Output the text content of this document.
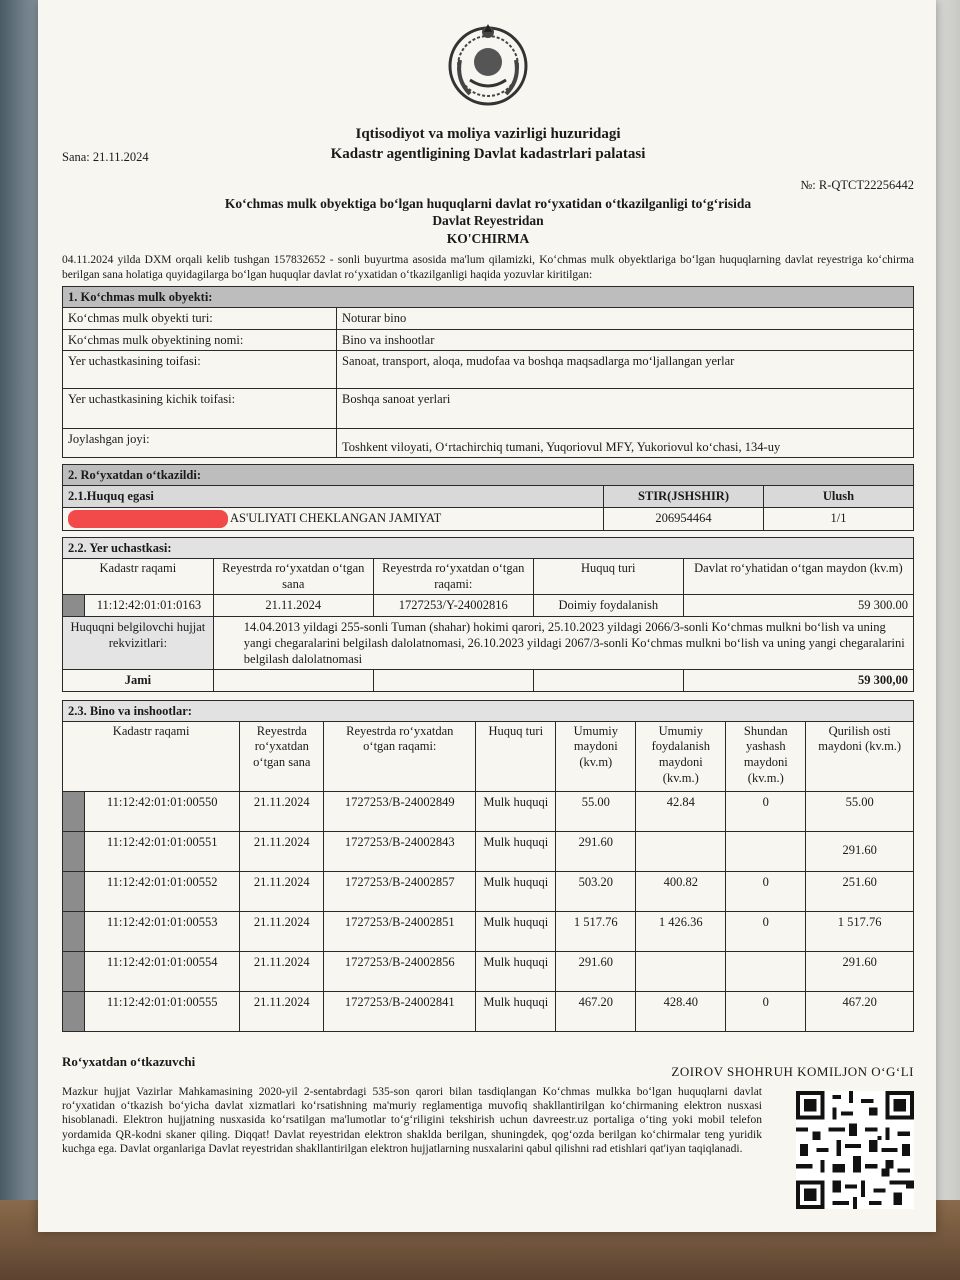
Iqtisodiyot va moliya vazirligi huzuridagi
Kadastr agentligining Davlat kadastrlari palatasi
Sana: 21.11.2024
№: R-QTCT22256442
Ko‘chmas mulk obyektiga bo‘lgan huquqlarni davlat ro‘yxatidan o‘tkazilganligi to‘g‘risida
Davlat Reyestridan
KO'CHIRMA
04.11.2024 yilda DXM orqali kelib tushgan 157832652 - sonli buyurtma asosida ma'lum qilamizki, Ko‘chmas mulk obyektlariga bo‘lgan huquqlarning davlat reyestriga ko‘chirma berilgan sana holatiga quyidagilarga bo‘lgan huquqlar davlat ro‘yxatidan o‘tkazilganligi haqida yozuvlar kiritilgan:
1. Ko‘chmas mulk obyekti:	
Ko‘chmas mulk obyekti turi:	Noturar bino
Ko‘chmas mulk obyektining nomi:	Bino va inshootlar
Yer uchastkasining toifasi:	Sanoat, transport, aloqa, mudofaa va boshqa maqsadlarga mo‘ljallangan yerlar
Yer uchastkasining kichik toifasi:	Boshqa sanoat yerlari
Joylashgan joyi:	Toshkent viloyati, O‘rtachirchiq tumani, Yuqoriovul MFY, Yukoriovul ko‘chasi, 134-uy
2. Ro‘yxatdan o‘tkazildi:		
2.1.Huquq egasi	STIR(JSHSHIR)	Ulush
AS'ULIYATI CHEKLANGAN JAMIYAT	206954464	1/1
2.2. Yer uchastkasi:					
Kadastr raqami		Reyestrda ro‘yxatdan o‘tgan sana	Reyestrda ro‘yxatdan o‘tgan raqami:	Huquq turi	Davlat ro‘yhatidan o‘tgan maydon (kv.m)
	11:12:42:01:01:0163	21.11.2024	1727253/Y-24002816	Doimiy foydalanish	59 300.00
Huquqni belgilovchi hujjat rekvizitlari:		14.04.2013 yildagi 255-sonli Tuman (shahar) hokimi qarori, 25.10.2023 yildagi 2066/3-sonli Ko‘chmas mulkni bo‘lish va uning yangi chegaralarini belgilash dalolatnomasi, 26.10.2023 yildagi 2067/3-sonli Ko‘chmas mulkni bo‘lish va uning yangi chegaralarini belgilash dalolatnomasi			
Jami					59 300,00
2.3. Bino va inshootlar:								
Kadastr raqami		Reyestrda ro‘yxatdan o‘tgan sana	Reyestrda ro‘yxatdan o‘tgan raqami:	Huquq turi	Umumiy maydoni (kv.m)	Umumiy foydalanish maydoni (kv.m.)	Shundan yashash maydoni (kv.m.)	Qurilish osti maydoni (kv.m.)
	11:12:42:01:01:00550	21.11.2024	1727253/B-24002849	Mulk huquqi	55.00	42.84	0	55.00
	11:12:42:01:01:00551	21.11.2024	1727253/B-24002843	Mulk huquqi	291.60			291.60
	11:12:42:01:01:00552	21.11.2024	1727253/B-24002857	Mulk huquqi	503.20	400.82	0	251.60
	11:12:42:01:01:00553	21.11.2024	1727253/B-24002851	Mulk huquqi	1 517.76	1 426.36	0	1 517.76
	11:12:42:01:01:00554	21.11.2024	1727253/B-24002856	Mulk huquqi	291.60			291.60
	11:12:42:01:01:00555	21.11.2024	1727253/B-24002841	Mulk huquqi	467.20	428.40	0	467.20
Ro‘yxatdan o‘tkazuvchi
ZOIROV SHOHRUH KOMILJON O‘G‘LI
Mazkur hujjat Vazirlar Mahkamasining 2020-yil 2-sentabrdagi 535-son qarori bilan tasdiqlangan Ko‘chmas mulkka bo‘lgan huquqlarni davlat ro‘yxatidan o‘tkazish bo‘yicha davlat xizmatlari ko‘rsatishning ma'muriy reglamentiga muvofiq shakllantirilgan ko‘chirmaning elektron nusxasi hisoblanadi. Elektron hujjatning nusxasida ko‘rsatilgan ma'lumotlar to‘g‘riligini tekshirish uchun davreestr.uz portaliga o‘ting yoki mobil telefon yordamida QR-kodni skaner qiling. Diqqat! Davlat reyestridan elektron shaklda berilgan, shuningdek, qog‘ozda berilgan ko‘chirmalar teng yuridik kuchga ega. Davlat organlariga Davlat reyestridan shakllantirilgan elektron hujjatlarning nusxalarini qabul qilishni rad etishlari qat'iyan taqiqlanadi.
